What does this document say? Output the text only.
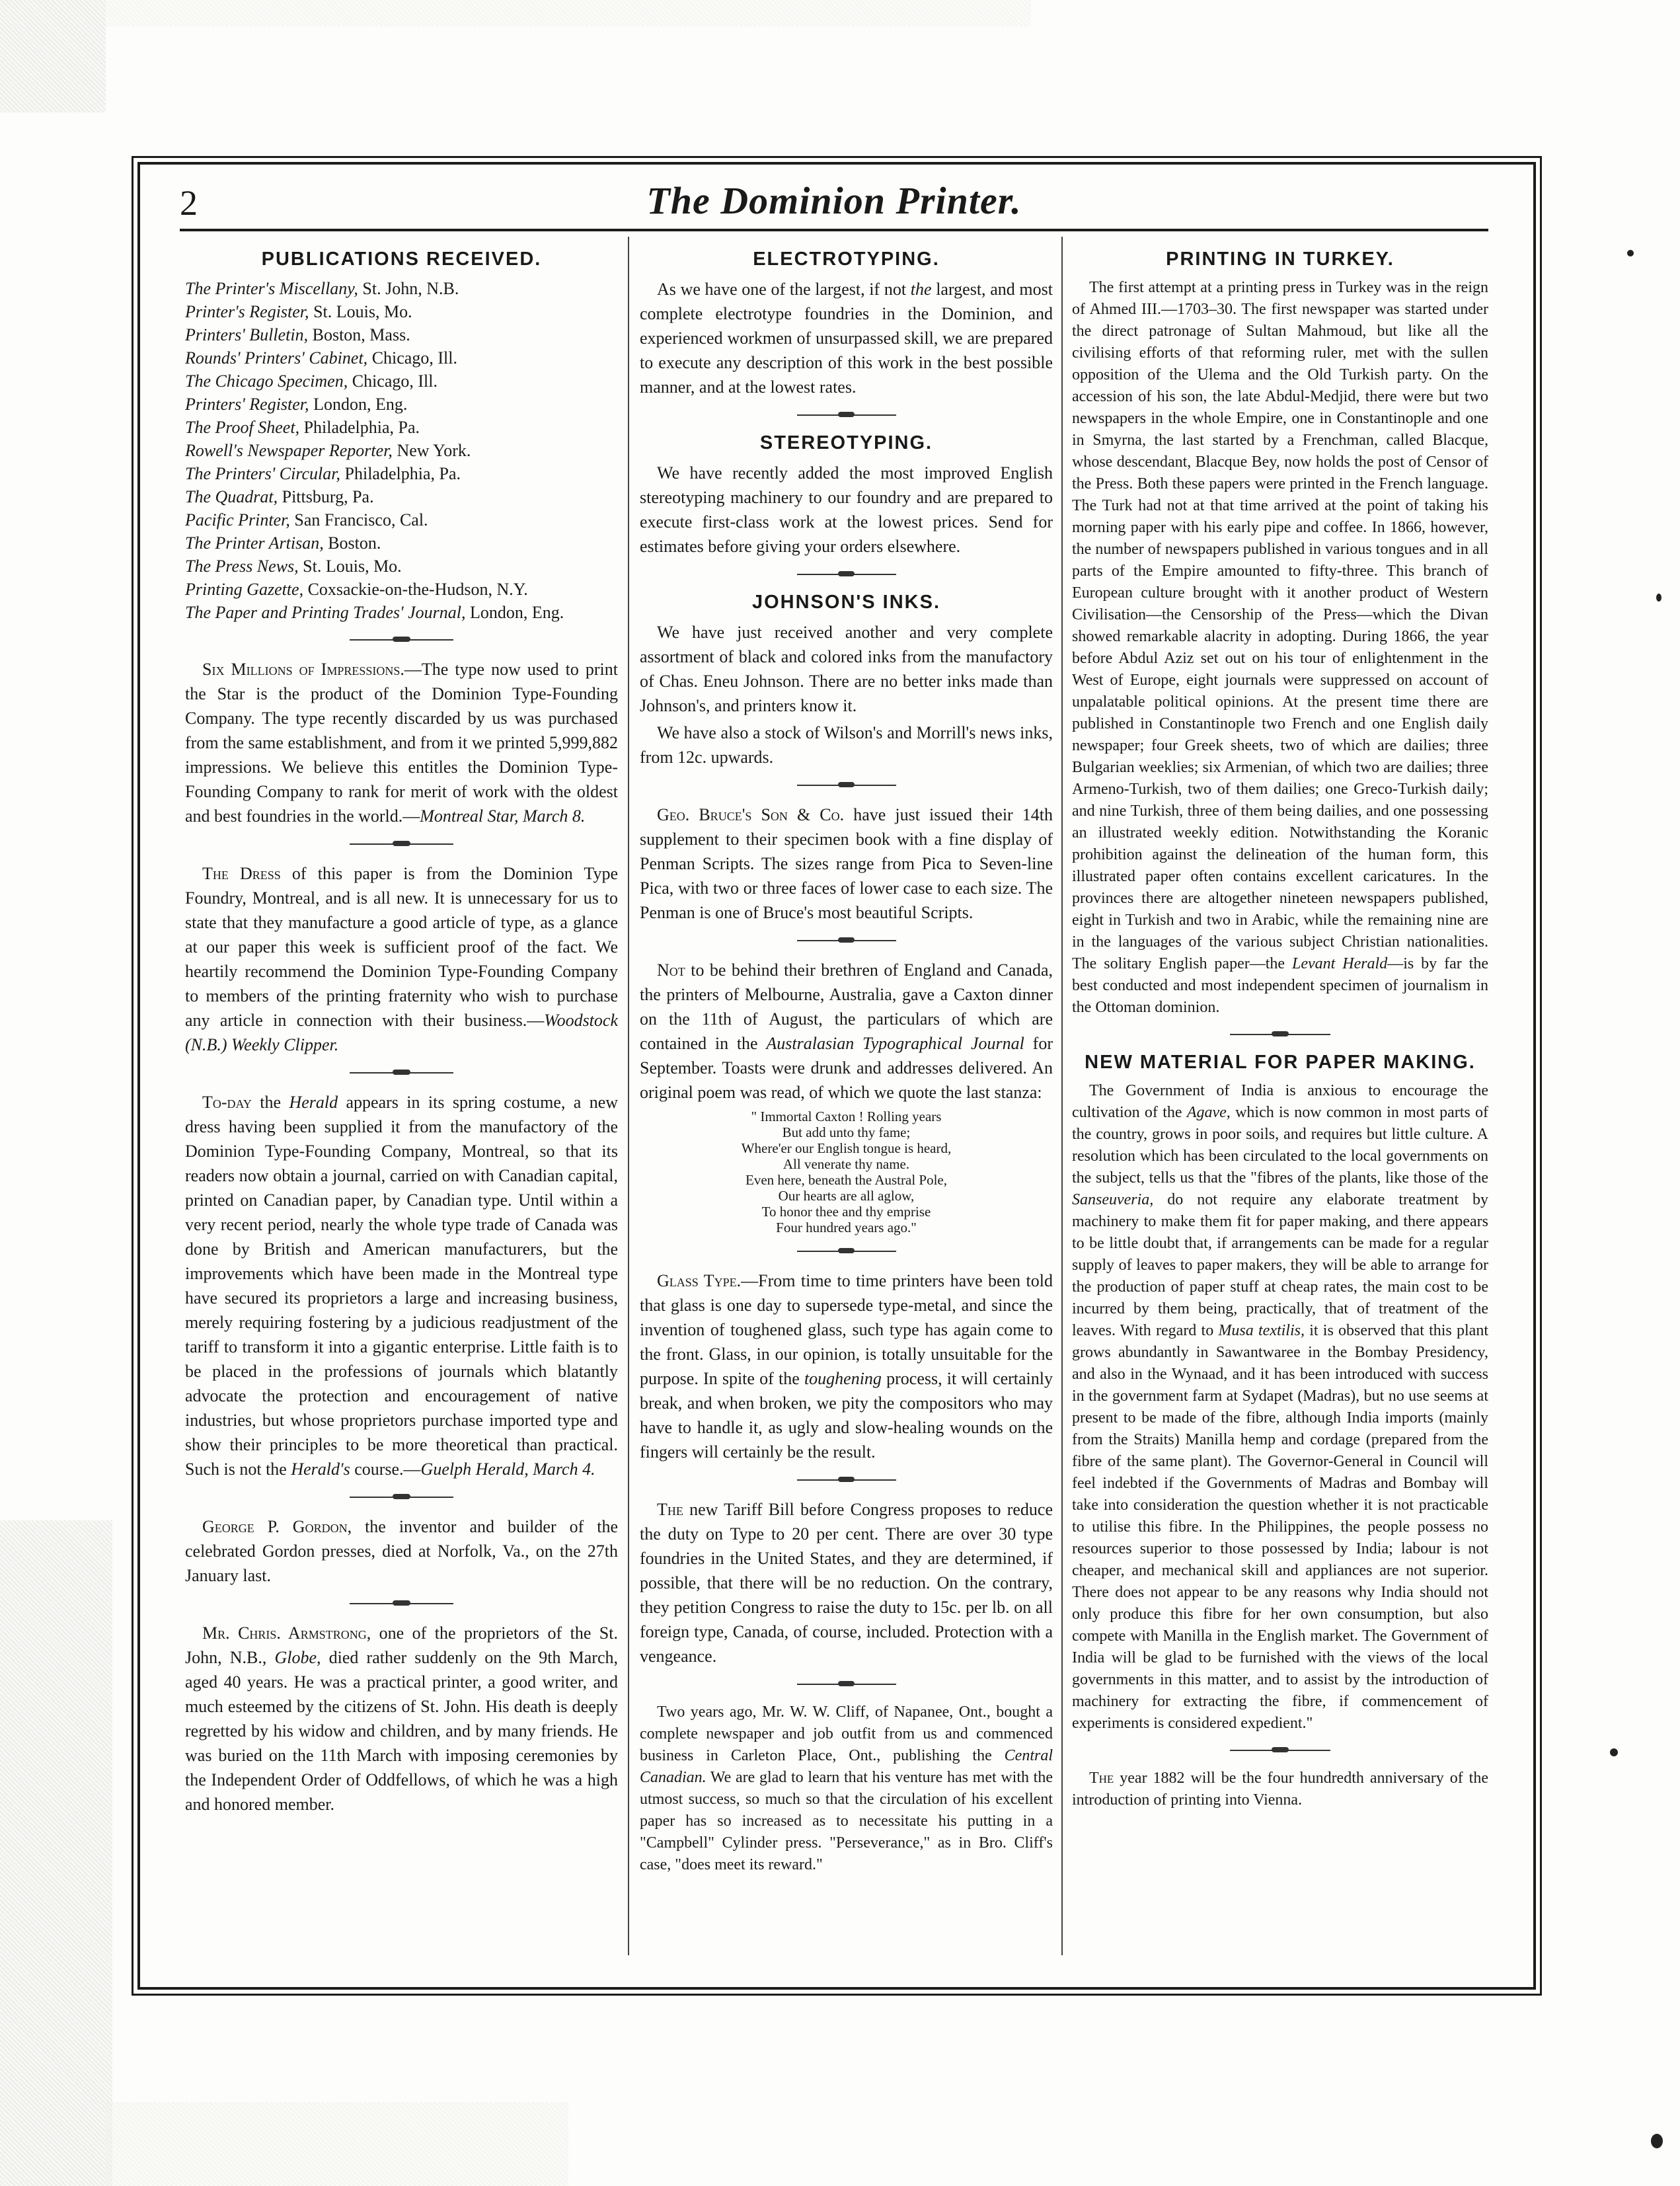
2	The Dominion Printer.
PUBLICATIONS RECEIVED.
The Printer's Miscellany, St. John, N.B.
Printer's Register, St. Louis, Mo.
Printers' Bulletin, Boston, Mass.
Rounds' Printers' Cabinet, Chicago, Ill.
The Chicago Specimen, Chicago, Ill.
Printers' Register, London, Eng.
The Proof Sheet, Philadelphia, Pa.
Rowell's Newspaper Reporter, New York.
The Printers' Circular, Philadelphia, Pa.
The Quadrat, Pittsburg, Pa.
Pacific Printer, San Francisco, Cal.
The Printer Artisan, Boston.
The Press News, St. Louis, Mo.
Printing Gazette, Coxsackie-on-the-Hudson, N.Y.
The Paper and Printing Trades' Journal, London, Eng.

Six Millions of Impressions.—The type now used to print the Star is the product of the Dominion Type-Founding Company. The type recently discarded by us was purchased from the same establishment, and from it we printed 5,999,882 impressions. We believe this entitles the Dominion Type-Founding Company to rank for merit of work with the oldest and best foundries in the world.—Montreal Star, March 8.

The Dress of this paper is from the Dominion Type Foundry, Montreal, and is all new. It is unnecessary for us to state that they manufacture a good article of type, as a glance at our paper this week is sufficient proof of the fact. We heartily recommend the Dominion Type-Founding Company to members of the printing fraternity who wish to purchase any article in connection with their business.—Woodstock (N.B.) Weekly Clipper.

To-day the Herald appears in its spring costume, a new dress having been supplied it from the manufactory of the Dominion Type-Founding Company, Montreal, so that its readers now obtain a journal, carried on with Canadian capital, printed on Canadian paper, by Canadian type. Until within a very recent period, nearly the whole type trade of Canada was done by British and American manufacturers, but the improvements which have been made in the Montreal type have secured its proprietors a large and increasing business, merely requiring fostering by a judicious readjustment of the tariff to transform it into a gigantic enterprise. Little faith is to be placed in the professions of journals which blatantly advocate the protection and encouragement of native industries, but whose proprietors purchase imported type and show their principles to be more theoretical than practical. Such is not the Herald's course.—Guelph Herald, March 4.

George P. Gordon, the inventor and builder of the celebrated Gordon presses, died at Norfolk, Va., on the 27th January last.

Mr. Chris. Armstrong, one of the proprietors of the St. John, N.B., Globe, died rather suddenly on the 9th March, aged 40 years. He was a practical printer, a good writer, and much esteemed by the citizens of St. John. His death is deeply regretted by his widow and children, and by many friends. He was buried on the 11th March with imposing ceremonies by the Independent Order of Oddfellows, of which he was a high and honored member.

ELECTROTYPING.

As we have one of the largest, if not the largest, and most complete electrotype foundries in the Dominion, and experienced workmen of unsurpassed skill, we are prepared to execute any description of this work in the best possible manner, and at the lowest rates.

STEREOTYPING.

We have recently added the most improved English stereotyping machinery to our foundry and are prepared to execute first-class work at the lowest prices. Send for estimates before giving your orders elsewhere.

JOHNSON'S INKS.

We have just received another and very complete assortment of black and colored inks from the manufactory of Chas. Eneu Johnson. There are no better inks made than Johnson's, and printers know it.

We have also a stock of Wilson's and Morrill's news inks, from 12c. upwards.

Geo. Bruce's Son & Co. have just issued their 14th supplement to their specimen book with a fine display of Penman Scripts. The sizes range from Pica to Seven-line Pica, with two or three faces of lower case to each size. The Penman is one of Bruce's most beautiful Scripts.

Not to be behind their brethren of England and Canada, the printers of Melbourne, Australia, gave a Caxton dinner on the 11th of August, the particulars of which are contained in the Australasian Typographical Journal for September. Toasts were drunk and addresses delivered. An original poem was read, of which we quote the last stanza:

" Immortal Caxton ! Rolling years
But add unto thy fame;
Where'er our English tongue is heard,
All venerate thy name.
Even here, beneath the Austral Pole,
Our hearts are all aglow,
To honor thee and thy emprise
Four hundred years ago."

Glass Type.—From time to time printers have been told that glass is one day to supersede type-metal, and since the invention of toughened glass, such type has again come to the front. Glass, in our opinion, is totally unsuitable for the purpose. In spite of the toughening process, it will certainly break, and when broken, we pity the compositors who may have to handle it, as ugly and slow-healing wounds on the fingers will certainly be the result.

The new Tariff Bill before Congress proposes to reduce the duty on Type to 20 per cent. There are over 30 type foundries in the United States, and they are determined, if possible, that there will be no reduction. On the contrary, they petition Congress to raise the duty to 15c. per lb. on all foreign type, Canada, of course, included. Protection with a vengeance.

Two years ago, Mr. W. W. Cliff, of Napanee, Ont., bought a complete newspaper and job outfit from us and commenced business in Carleton Place, Ont., publishing the Central Canadian. We are glad to learn that his venture has met with the utmost success, so much so that the circulation of his excellent paper has so increased as to necessitate his putting in a "Campbell" Cylinder press. "Perseverance," as in Bro. Cliff's case, "does meet its reward."

PRINTING IN TURKEY.

The first attempt at a printing press in Turkey was in the reign of Ahmed III.—1703–30. The first newspaper was started under the direct patronage of Sultan Mahmoud, but like all the civilising efforts of that reforming ruler, met with the sullen opposition of the Ulema and the Old Turkish party. On the accession of his son, the late Abdul-Medjid, there were but two newspapers in the whole Empire, one in Constantinople and one in Smyrna, the last started by a Frenchman, called Blacque, whose descendant, Blacque Bey, now holds the post of Censor of the Press. Both these papers were printed in the French language. The Turk had not at that time arrived at the point of taking his morning paper with his early pipe and coffee. In 1866, however, the number of newspapers published in various tongues and in all parts of the Empire amounted to fifty-three. This branch of European culture brought with it another product of Western Civilisation—the Censorship of the Press—which the Divan showed remarkable alacrity in adopting. During 1866, the year before Abdul Aziz set out on his tour of enlightenment in the West of Europe, eight journals were suppressed on account of unpalatable political opinions. At the present time there are published in Constantinople two French and one English daily newspaper; four Greek sheets, two of which are dailies; three Bulgarian weeklies; six Armenian, of which two are dailies; three Armeno-Turkish, two of them dailies; one Greco-Turkish daily; and nine Turkish, three of them being dailies, and one possessing an illustrated weekly edition. Notwithstanding the Koranic prohibition against the delineation of the human form, this illustrated paper often contains excellent caricatures. In the provinces there are altogether nineteen newspapers published, eight in Turkish and two in Arabic, while the remaining nine are in the languages of the various subject Christian nationalities. The solitary English paper—the Levant Herald—is by far the best conducted and most independent specimen of journalism in the Ottoman dominion.

NEW MATERIAL FOR PAPER MAKING.

The Government of India is anxious to encourage the cultivation of the Agave, which is now common in most parts of the country, grows in poor soils, and requires but little culture. A resolution which has been circulated to the local governments on the subject, tells us that the "fibres of the plants, like those of the Sanseuveria, do not require any elaborate treatment by machinery to make them fit for paper making, and there appears to be little doubt that, if arrangements can be made for a regular supply of leaves to paper makers, they will be able to arrange for the production of paper stuff at cheap rates, the main cost to be incurred by them being, practically, that of treatment of the leaves. With regard to Musa textilis, it is observed that this plant grows abundantly in Sawantwaree in the Bombay Presidency, and also in the Wynaad, and it has been introduced with success in the government farm at Sydapet (Madras), but no use seems at present to be made of the fibre, although India imports (mainly from the Straits) Manilla hemp and cordage (prepared from the fibre of the same plant). The Governor-General in Council will feel indebted if the Governments of Madras and Bombay will take into consideration the question whether it is not practicable to utilise this fibre. In the Philippines, the people possess no resources superior to those possessed by India; labour is not cheaper, and mechanical skill and appliances are not superior. There does not appear to be any reasons why India should not only produce this fibre for her own consumption, but also compete with Manilla in the English market. The Government of India will be glad to be furnished with the views of the local governments in this matter, and to assist by the introduction of machinery for extracting the fibre, if commencement of experiments is considered expedient."

The year 1882 will be the four hundredth anniversary of the introduction of printing into Vienna.
